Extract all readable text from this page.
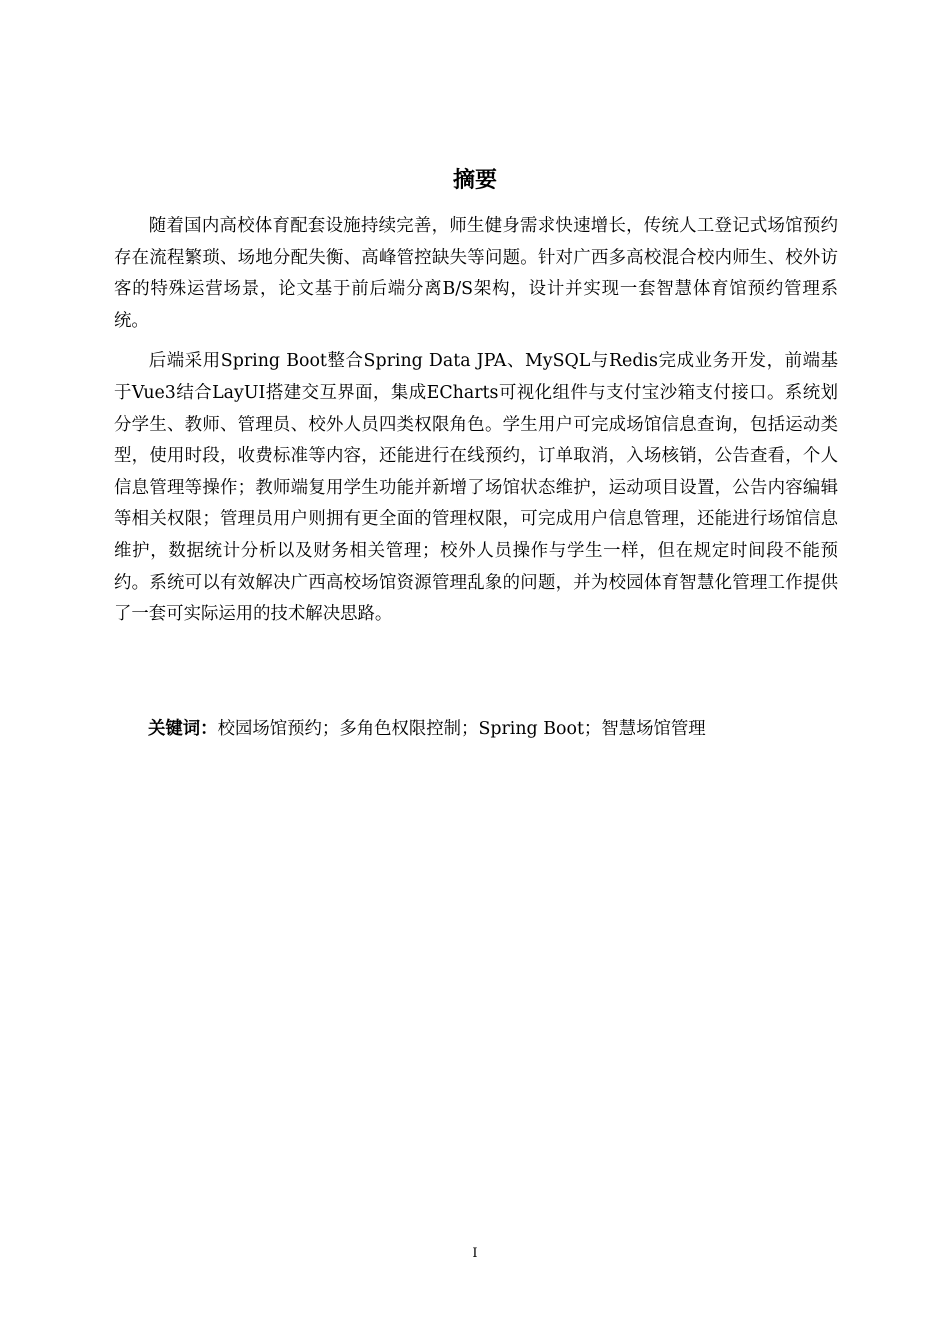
摘要

随着国内高校体育配套设施持续完善，师生健身需求快速增长，传统人工登记式场馆预约存在流程繁琐、场地分配失衡、高峰管控缺失等问题。针对广西多高校混合校内师生、校外访客的特殊运营场景，论文基于前后端分离B/S架构，设计并实现一套智慧体育馆预约管理系统。

后端采用Spring Boot整合Spring Data JPA、MySQL与Redis完成业务开发，前端基于Vue3结合LayUI搭建交互界面，集成ECharts可视化组件与支付宝沙箱支付接口。系统划分学生、教师、管理员、校外人员四类权限角色。学生用户可完成场馆信息查询，包括运动类型，使用时段，收费标准等内容，还能进行在线预约，订单取消，入场核销，公告查看，个人信息管理等操作；教师端复用学生功能并新增了场馆状态维护，运动项目设置，公告内容编辑等相关权限；管理员用户则拥有更全面的管理权限，可完成用户信息管理，还能进行场馆信息维护，数据统计分析以及财务相关管理；校外人员操作与学生一样，但在规定时间段不能预约。系统可以有效解决广西高校场馆资源管理乱象的问题，并为校园体育智慧化管理工作提供了一套可实际运用的技术解决思路。

关键词：校园场馆预约；多角色权限控制；Spring Boot；智慧场馆管理

I
